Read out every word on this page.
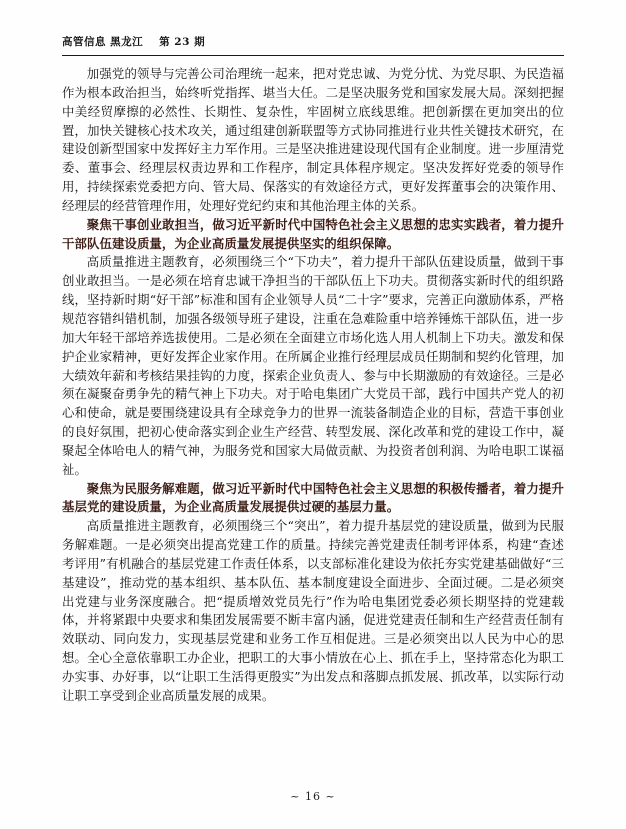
高管信息 黑龙江 第 23 期

加强党的领导与完善公司治理统一起来，把对党忠诚、为党分忧、为党尽职、为民造福作为根本政治担当，始终听党指挥、堪当大任。二是坚决服务党和国家发展大局。深刻把握中美经贸摩擦的必然性、长期性、复杂性，牢固树立底线思维。把创新摆在更加突出的位置，加快关键核心技术攻关，通过组建创新联盟等方式协同推进行业共性关键技术研究，在建设创新型国家中发挥好主力军作用。三是坚决推进建设现代国有企业制度。进一步厘清党委、董事会、经理层权责边界和工作程序，制定具体程序规定。坚决发挥好党委的领导作用，持续探索党委把方向、管大局、保落实的有效途径方式，更好发挥董事会的决策作用、经理层的经营管理作用，处理好党纪约束和其他治理主体的关系。

聚焦干事创业敢担当，做习近平新时代中国特色社会主义思想的忠实实践者，着力提升干部队伍建设质量，为企业高质量发展提供坚实的组织保障。

高质量推进主题教育，必须围绕三个“下功夫”，着力提升干部队伍建设质量，做到干事创业敢担当。一是必须在培育忠诚干净担当的干部队伍上下功夫。贯彻落实新时代的组织路线，坚持新时期“好干部”标准和国有企业领导人员“二十字”要求，完善正向激励体系，严格规范容错纠错机制，加强各级领导班子建设，注重在急难险重中培养锤炼干部队伍，进一步加大年轻干部培养选拔使用。二是必须在全面建立市场化选人用人机制上下功夫。激发和保护企业家精神，更好发挥企业家作用。在所属企业推行经理层成员任期制和契约化管理，加大绩效年薪和考核结果挂钩的力度，探索企业负责人、参与中长期激励的有效途径。三是必须在凝聚奋勇争先的精气神上下功夫。对于哈电集团广大党员干部，践行中国共产党人的初心和使命，就是要围绕建设具有全球竞争力的世界一流装备制造企业的目标，营造干事创业的良好氛围，把初心使命落实到企业生产经营、转型发展、深化改革和党的建设工作中，凝聚起全体哈电人的精气神，为服务党和国家大局做贡献、为投资者创利润、为哈电职工谋福祉。

聚焦为民服务解难题，做习近平新时代中国特色社会主义思想的积极传播者，着力提升基层党的建设质量，为企业高质量发展提供过硬的基层力量。

高质量推进主题教育，必须围绕三个“突出”，着力提升基层党的建设质量，做到为民服务解难题。一是必须突出提高党建工作的质量。持续完善党建责任制考评体系，构建“查述考评用”有机融合的基层党建工作责任体系，以支部标准化建设为依托夯实党建基础做好“三基建设”，推动党的基本组织、基本队伍、基本制度建设全面进步、全面过硬。二是必须突出党建与业务深度融合。把“提质增效党员先行”作为哈电集团党委必须长期坚持的党建载体，并将紧跟中央要求和集团发展需要不断丰富内涵，促进党建责任制和生产经营责任制有效联动、同向发力，实现基层党建和业务工作互相促进。三是必须突出以人民为中心的思想。全心全意依靠职工办企业，把职工的大事小情放在心上、抓在手上，坚持常态化为职工办实事、办好事，以“让职工生活得更殷实”为出发点和落脚点抓发展、抓改革，以实际行动让职工享受到企业高质量发展的成果。

~ 16 ~
